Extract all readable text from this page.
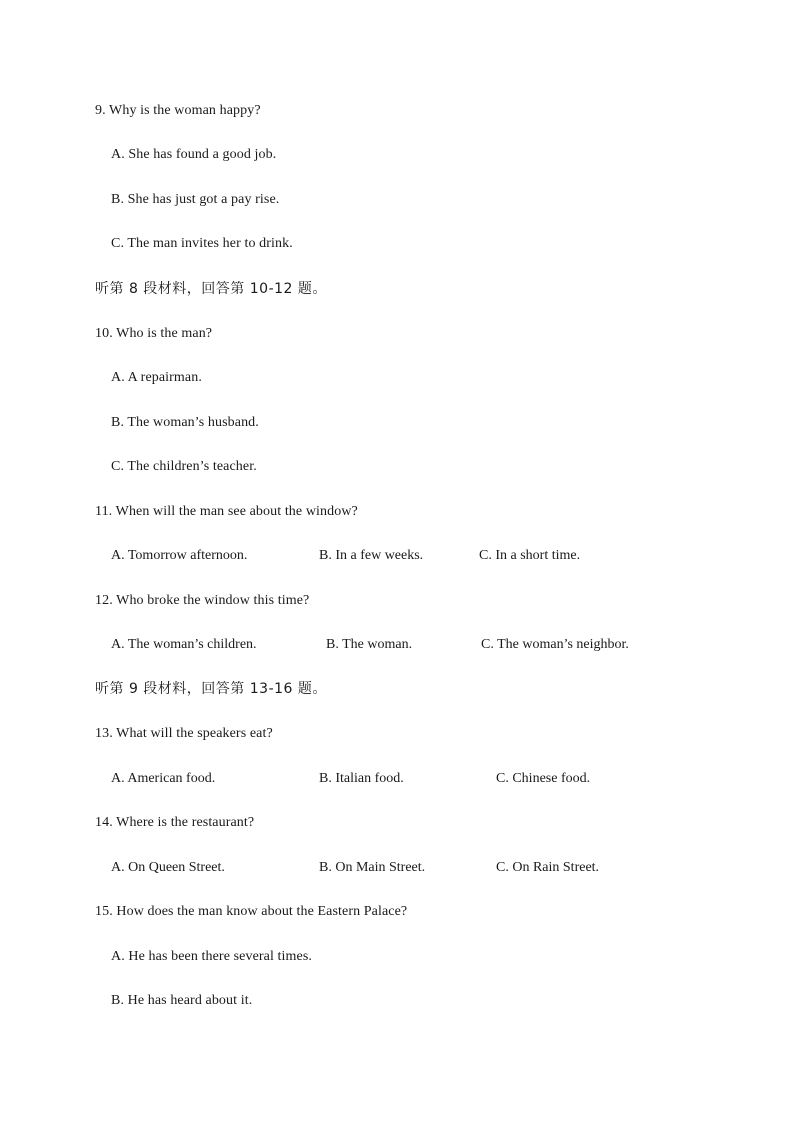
9. Why is the woman happy?
A. She has found a good job.
B. She has just got a pay rise.
C. The man invites her to drink.
听第 8 段材料，回答第 10-12 题。
10. Who is the man?
A. A repairman.
B. The woman’s husband.
C. The children’s teacher.
11. When will the man see about the window?
A. Tomorrow afternoon.	B. In a few weeks.	C. In a short time.
12. Who broke the window this time?
A. The woman’s children.	B. The woman.	C. The woman’s neighbor.
听第 9 段材料，回答第 13-16 题。
13. What will the speakers eat?
A. American food.	B. Italian food.	C. Chinese food.
14. Where is the restaurant?
A. On Queen Street.	B. On Main Street.	C. On Rain Street.
15. How does the man know about the Eastern Palace?
A. He has been there several times.
B. He has heard about it.
